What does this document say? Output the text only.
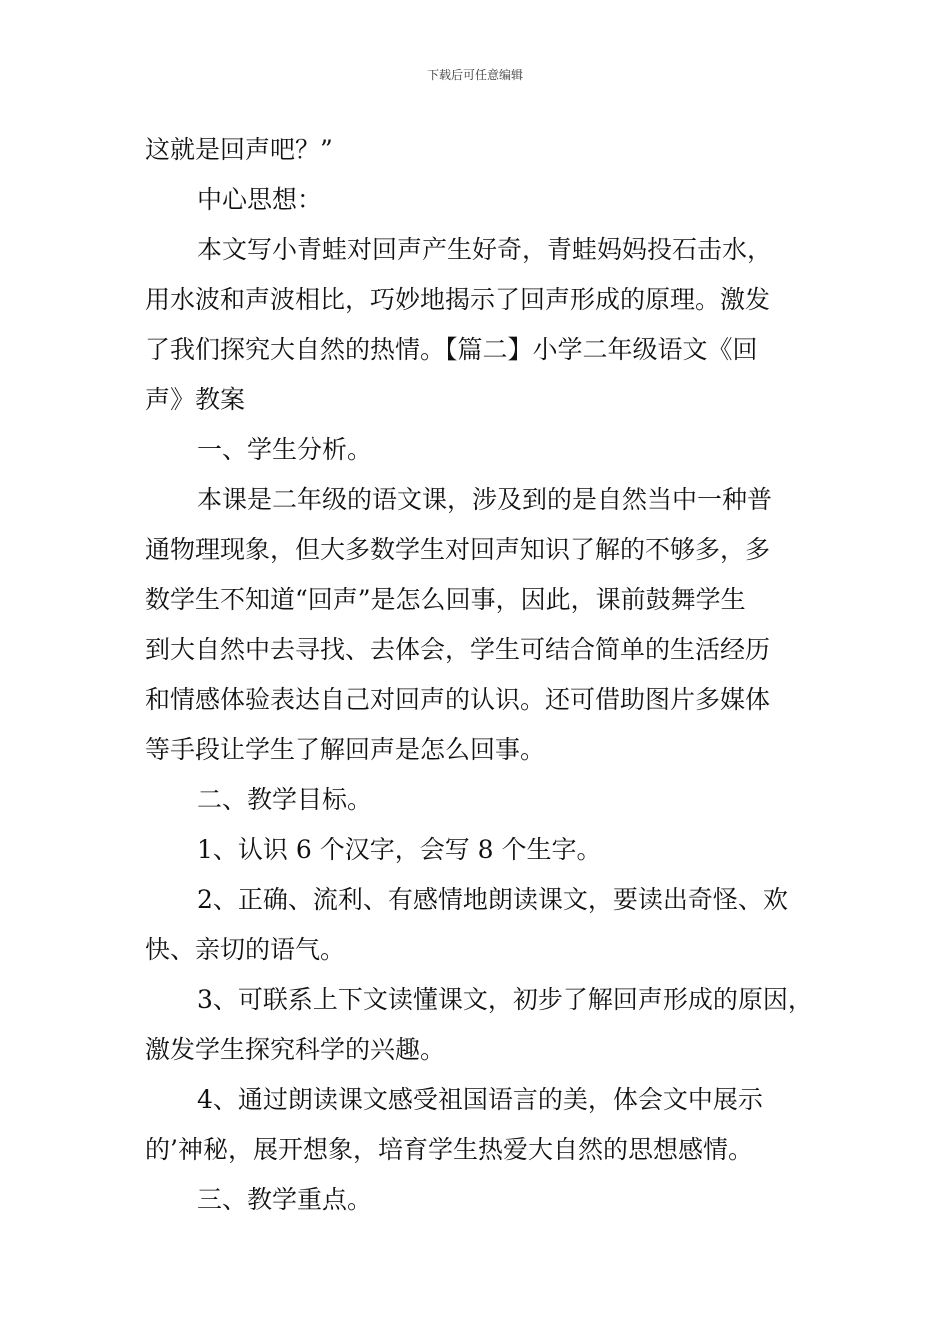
下载后可任意编辑
这就是回声吧？”
中心思想：
本文写小青蛙对回声产生好奇，青蛙妈妈投石击水，
用水波和声波相比，巧妙地揭示了回声形成的原理。激发
了我们探究大自然的热情。【篇二】小学二年级语文《回
声》教案
一、学生分析。
本课是二年级的语文课，涉及到的是自然当中一种普
通物理现象，但大多数学生对回声知识了解的不够多，多
数学生不知道“回声”是怎么回事，因此，课前鼓舞学生
到大自然中去寻找、去体会，学生可结合简单的生活经历
和情感体验表达自己对回声的认识。还可借助图片多媒体
等手段让学生了解回声是怎么回事。
二、教学目标。
1、认识 6 个汉字，会写 8 个生字。
2、正确、流利、有感情地朗读课文，要读出奇怪、欢
快、亲切的语气。
3、可联系上下文读懂课文，初步了解回声形成的原因，
激发学生探究科学的兴趣。
4、通过朗读课文感受祖国语言的美，体会文中展示
的’神秘，展开想象，培育学生热爱大自然的思想感情。
三、教学重点。
